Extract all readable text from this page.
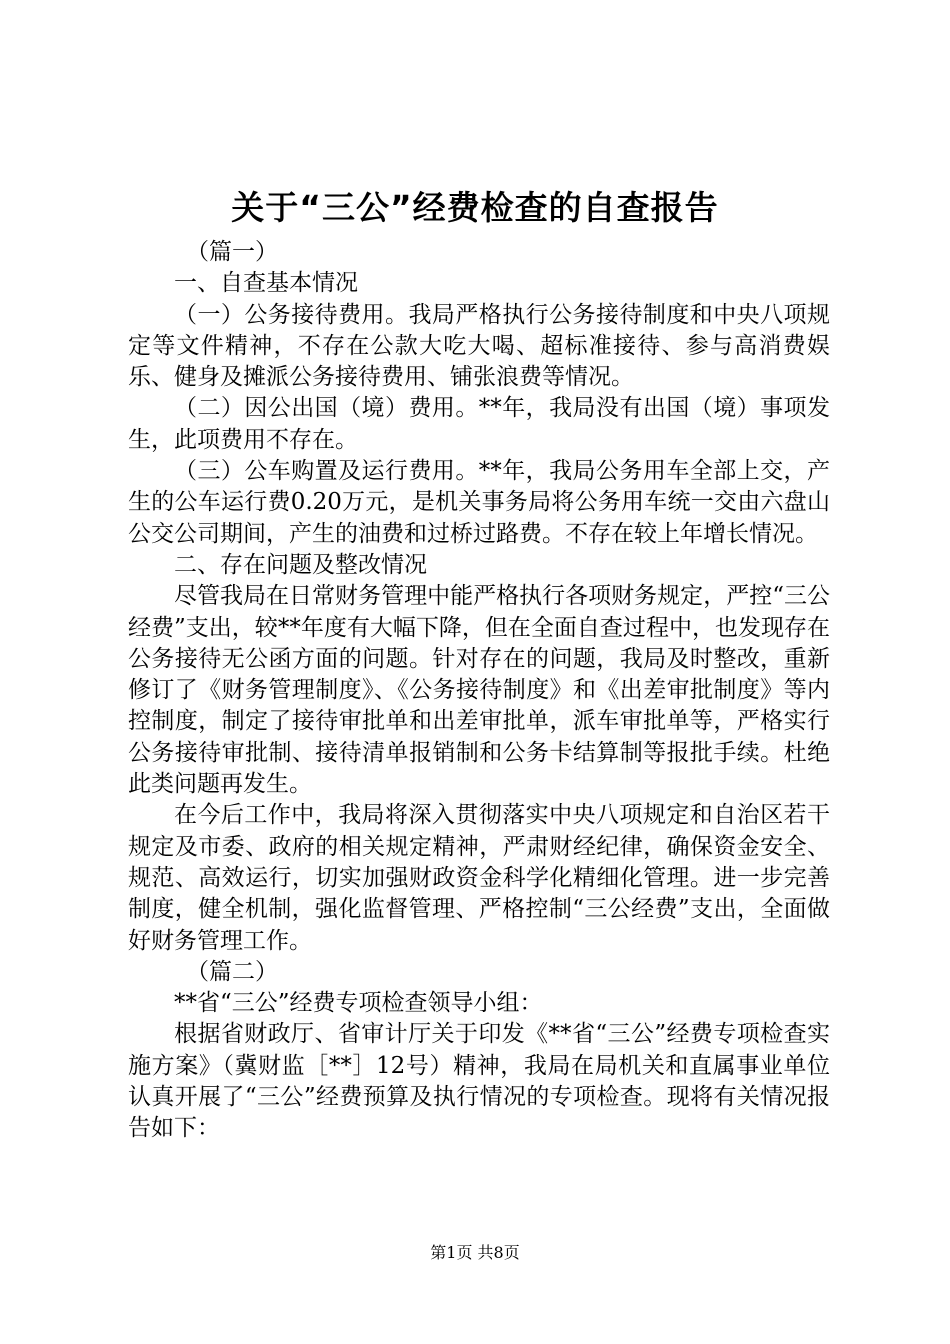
关于“三公”经费检查的自查报告

（篇一）

一、自查基本情况

（一）公务接待费用。我局严格执行公务接待制度和中央八项规定等文件精神，不存在公款大吃大喝、超标准接待、参与高消费娱乐、健身及摊派公务接待费用、铺张浪费等情况。

（二）因公出国（境）费用。**年，我局没有出国（境）事项发生，此项费用不存在。

（三）公车购置及运行费用。**年，我局公务用车全部上交，产生的公车运行费0.20万元，是机关事务局将公务用车统一交由六盘山公交公司期间，产生的油费和过桥过路费。不存在较上年增长情况。

二、存在问题及整改情况

尽管我局在日常财务管理中能严格执行各项财务规定，严控“三公经费”支出，较**年度有大幅下降，但在全面自查过程中，也发现存在公务接待无公函方面的问题。针对存在的问题，我局及时整改，重新修订了《财务管理制度》、《公务接待制度》和《出差审批制度》等内控制度，制定了接待审批单和出差审批单，派车审批单等，严格实行公务接待审批制、接待清单报销制和公务卡结算制等报批手续。杜绝此类问题再发生。

在今后工作中，我局将深入贯彻落实中央八项规定和自治区若干规定及市委、政府的相关规定精神，严肃财经纪律，确保资金安全、规范、高效运行，切实加强财政资金科学化精细化管理。进一步完善制度，健全机制，强化监督管理、严格控制“三公经费”支出，全面做好财务管理工作。

（篇二）

**省“三公”经费专项检查领导小组：

根据省财政厅、省审计厅关于印发《**省“三公”经费专项检查实施方案》（冀财监［**］12号）精神，我局在局机关和直属事业单位认真开展了“三公”经费预算及执行情况的专项检查。现将有关情况报告如下：

第1页 共8页
